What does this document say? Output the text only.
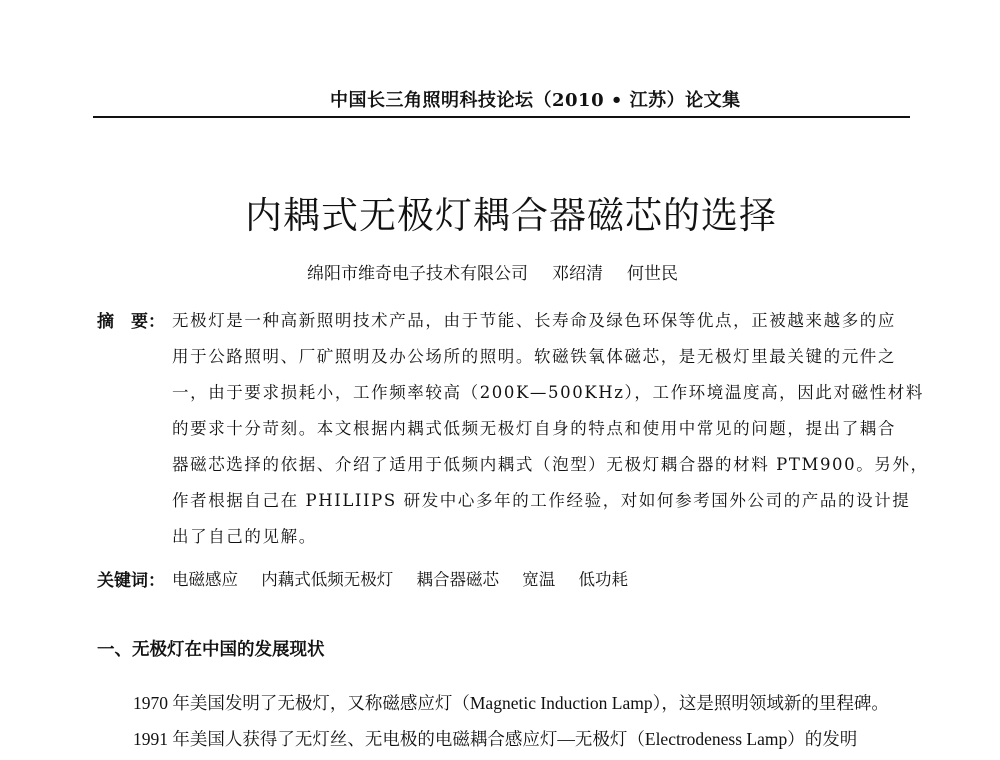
中国长三角照明科技论坛（2010 • 江苏）论文集
内耦式无极灯耦合器磁芯的选择
绵阳市维奇电子技术有限公司 邓绍清 何世民
摘　要： 无极灯是一种高新照明技术产品，由于节能、长寿命及绿色环保等优点，正被越来越多的应
用于公路照明、厂矿照明及办公场所的照明。软磁铁氧体磁芯，是无极灯里最关键的元件之
一，由于要求损耗小，工作频率较高（200K—500KHz），工作环境温度高，因此对磁性材料
的要求十分苛刻。本文根据内耦式低频无极灯自身的特点和使用中常见的问题，提出了耦合
器磁芯选择的依据、介绍了适用于低频内耦式（泡型）无极灯耦合器的材料 PTM900。另外，
作者根据自己在 PHILIIPS 研发中心多年的工作经验，对如何参考国外公司的产品的设计提
出了自己的见解。
关键词： 电磁感应 内藕式低频无极灯 耦合器磁芯 宽温 低功耗
一、无极灯在中国的发展现状
1970 年美国发明了无极灯，又称磁感应灯（Magnetic Induction Lamp），这是照明领域新的里程碑。
1991 年美国人获得了无灯丝、无电极的电磁耦合感应灯—无极灯（Electrodeness Lamp）的发明
